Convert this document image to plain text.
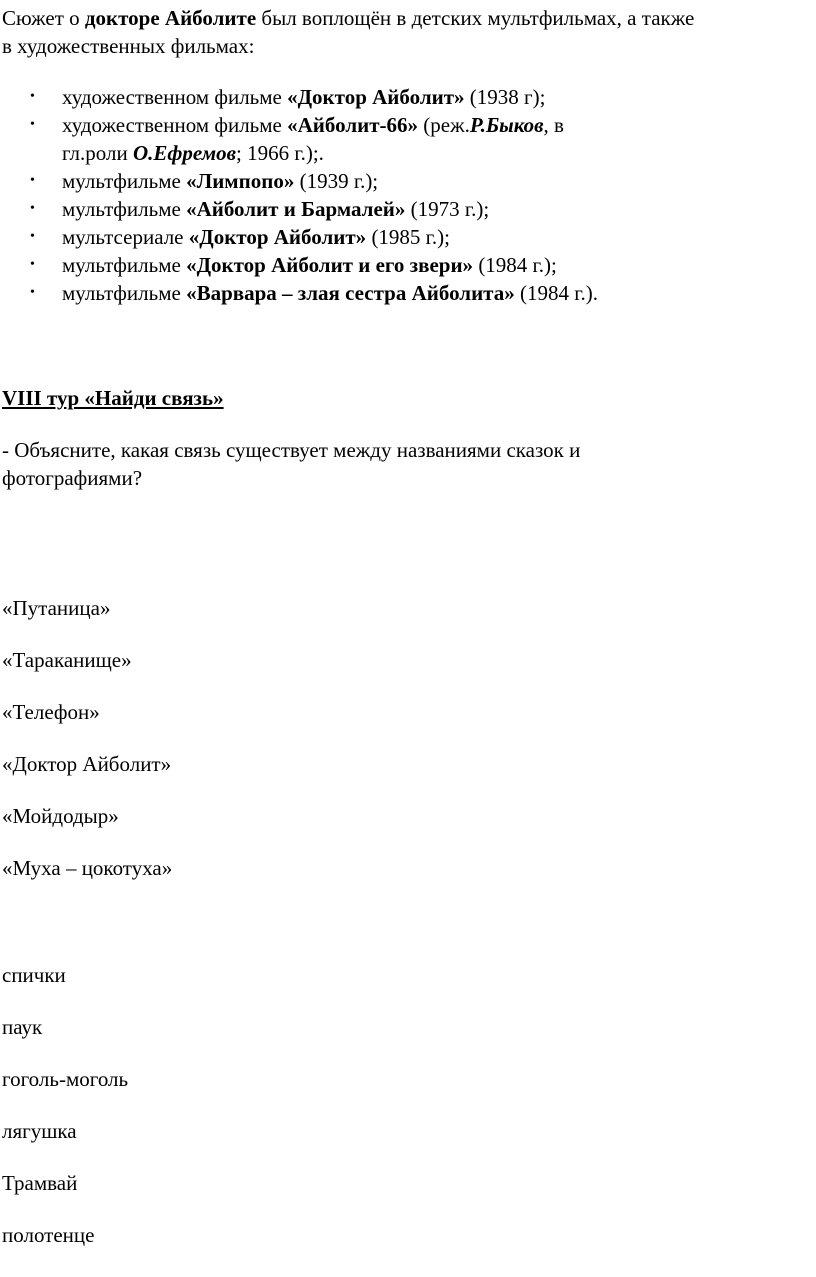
Сюжет о докторе Айболите был воплощён в детских мультфильмах, а также
в художественных фильмах:

• художественном фильме «Доктор Айболит» (1938 г);
• художественном фильме «Айболит-66» (реж.Р.Быков, в
гл.роли О.Ефремов; 1966 г.);.
• мультфильме «Лимпопо» (1939 г.);
• мультфильме «Айболит и Бармалей» (1973 г.);
• мультсериале «Доктор Айболит» (1985 г.);
• мультфильме «Доктор Айболит и его звери» (1984 г.);
• мультфильме «Варвара – злая сестра Айболита» (1984 г.).

VIII тур «Найди связь»

- Объясните, какая связь существует между названиями сказок и
фотографиями?

«Путаница»
«Тараканище»
«Телефон»
«Доктор Айболит»
«Мойдодыр»
«Муха – цокотуха»
спички
паук
гоголь-моголь
лягушка
Трамвай
полотенце
